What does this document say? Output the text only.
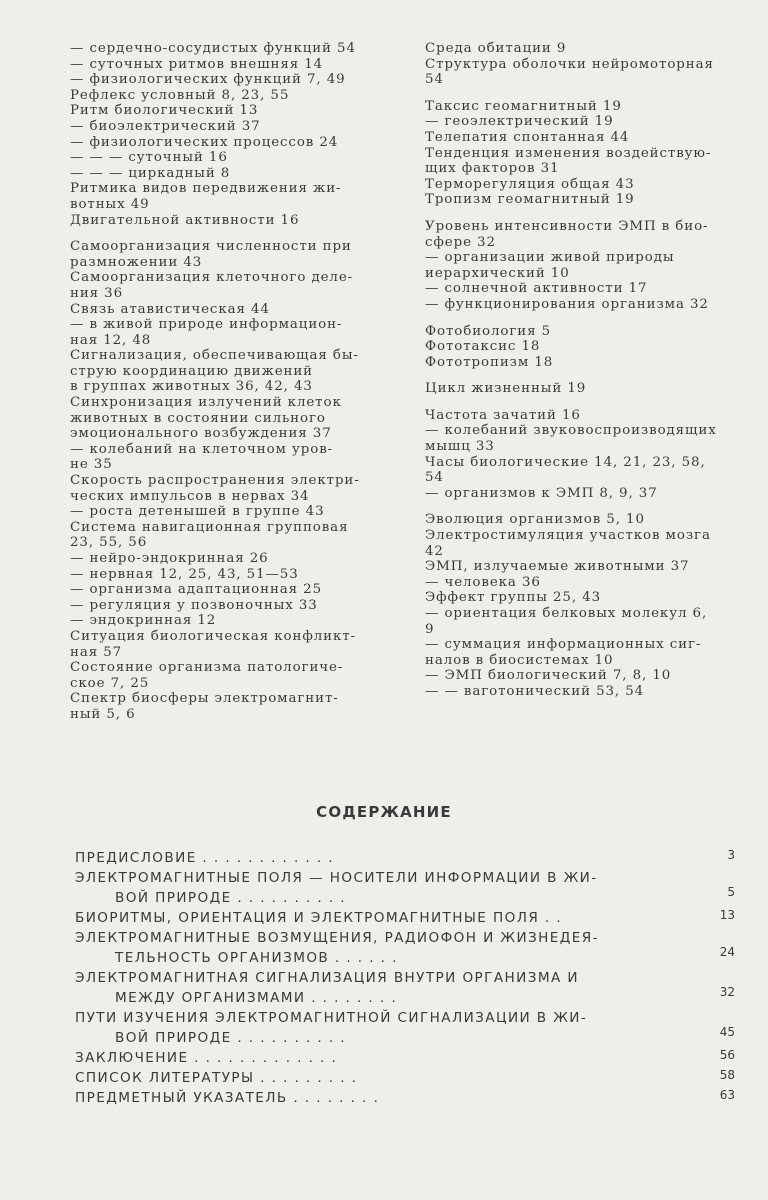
— сердечно-сосудистых функций 54

— суточных ритмов внешняя 14

— физиологических функций 7, 49

Рефлекс условный 8, 23, 55

Ритм биологический 13

— биоэлектрический 37

— физиологических процессов 24

— — — суточный 16

— — — циркадный 8

Ритмика видов передвижения жи-

вотных 49

Двигательной активности 16

Самоорганизация численности при

размножении 43

Самоорганизация клеточного деле-

ния 36

Связь атавистическая 44

— в живой природе информацион-

ная 12, 48

Сигнализация, обеспечивающая бы-

струю координацию движений

в группах животных 36, 42, 43

Синхронизация излучений клеток

животных в состоянии сильного

эмоционального возбуждения 37

— колебаний на клеточном уров-

не 35

Скорость распространения электри-

ческих импульсов в нервах 34

— роста детенышей в группе 43

Система навигационная групповая

23, 55, 56

— нейро-эндокринная 26

— нервная 12, 25, 43, 51—53

— организма адаптационная 25

— регуляция у позвоночных 33

— эндокринная 12

Ситуация биологическая конфликт-

ная 57

Состояние организма патологиче-

ское 7, 25

Спектр биосферы электромагнит-

ный 5, 6

Среда обитации 9

Структура оболочки нейромоторная

54

Таксис геомагнитный 19

— геоэлектрический 19

Телепатия спонтанная 44

Тенденция изменения воздействую-

щих факторов 31

Терморегуляция общая 43

Тропизм геомагнитный 19

Уровень интенсивности ЭМП в био-

сфере 32

— организации живой природы

иерархический 10

— солнечной активности 17

— функционирования организма 32

Фотобиология 5

Фототаксис 18

Фототропизм 18

Цикл жизненный 19

Частота зачатий 16

— колебаний звуковоспроизводящих

мышц 33

Часы биологические 14, 21, 23, 58,

54

— организмов к ЭМП 8, 9, 37

Эволюция организмов 5, 10

Электростимуляция участков мозга

42

ЭМП, излучаемые животными 37

— человека 36

Эффект группы 25, 43

— ориентация белковых молекул 6,

9

— суммация информационных сиг-

налов в биосистемах 10

— ЭМП биологический 7, 8, 10

— — ваготонический 53, 54

СОДЕРЖАНИЕ
ПРЕДИСЛОВИЕ . . . . . . . . . . . .	3
ЭЛЕКТРОМАГНИТНЫЕ ПОЛЯ — НОСИТЕЛИ ИНФОРМАЦИИ В ЖИ-
ВОЙ ПРИРОДЕ . . . . . . . . . .	5
БИОРИТМЫ, ОРИЕНТАЦИЯ И ЭЛЕКТРОМАГНИТНЫЕ ПОЛЯ . .	13
ЭЛЕКТРОМАГНИТНЫЕ ВОЗМУЩЕНИЯ, РАДИОФОН И ЖИЗНЕДЕЯ-
ТЕЛЬНОСТЬ ОРГАНИЗМОВ . . . . . .	24
ЭЛЕКТРОМАГНИТНАЯ СИГНАЛИЗАЦИЯ ВНУТРИ ОРГАНИЗМА И
МЕЖДУ ОРГАНИЗМАМИ . . . . . . . .	32
ПУТИ ИЗУЧЕНИЯ ЭЛЕКТРОМАГНИТНОЙ СИГНАЛИЗАЦИИ В ЖИ-
ВОЙ ПРИРОДЕ . . . . . . . . . .	45
ЗАКЛЮЧЕНИЕ . . . . . . . . . . . . .	56
СПИСОК ЛИТЕРАТУРЫ . . . . . . . . .	58
ПРЕДМЕТНЫЙ УКАЗАТЕЛЬ . . . . . . . .	63
